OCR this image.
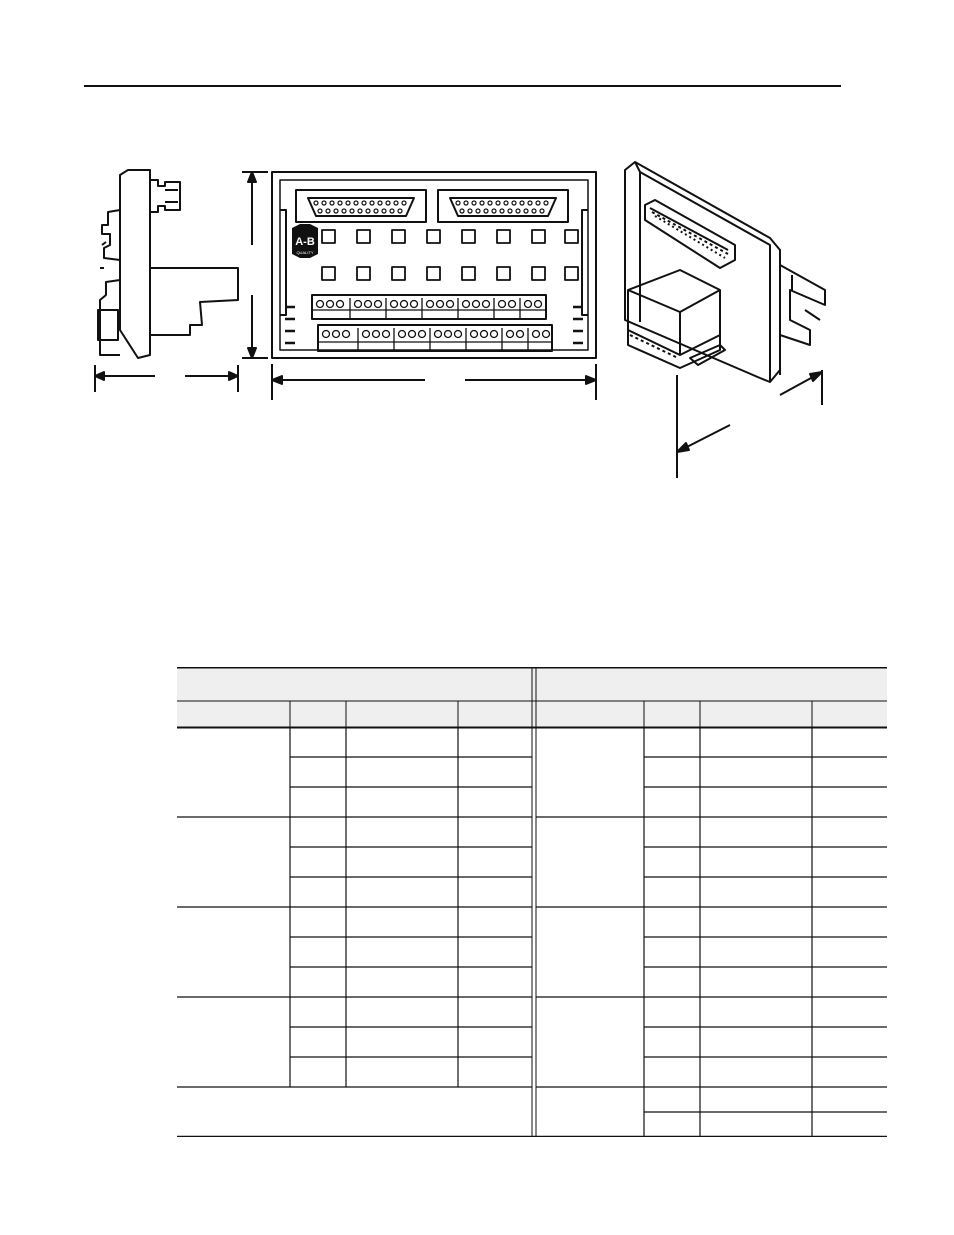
A-B
QUALITY
